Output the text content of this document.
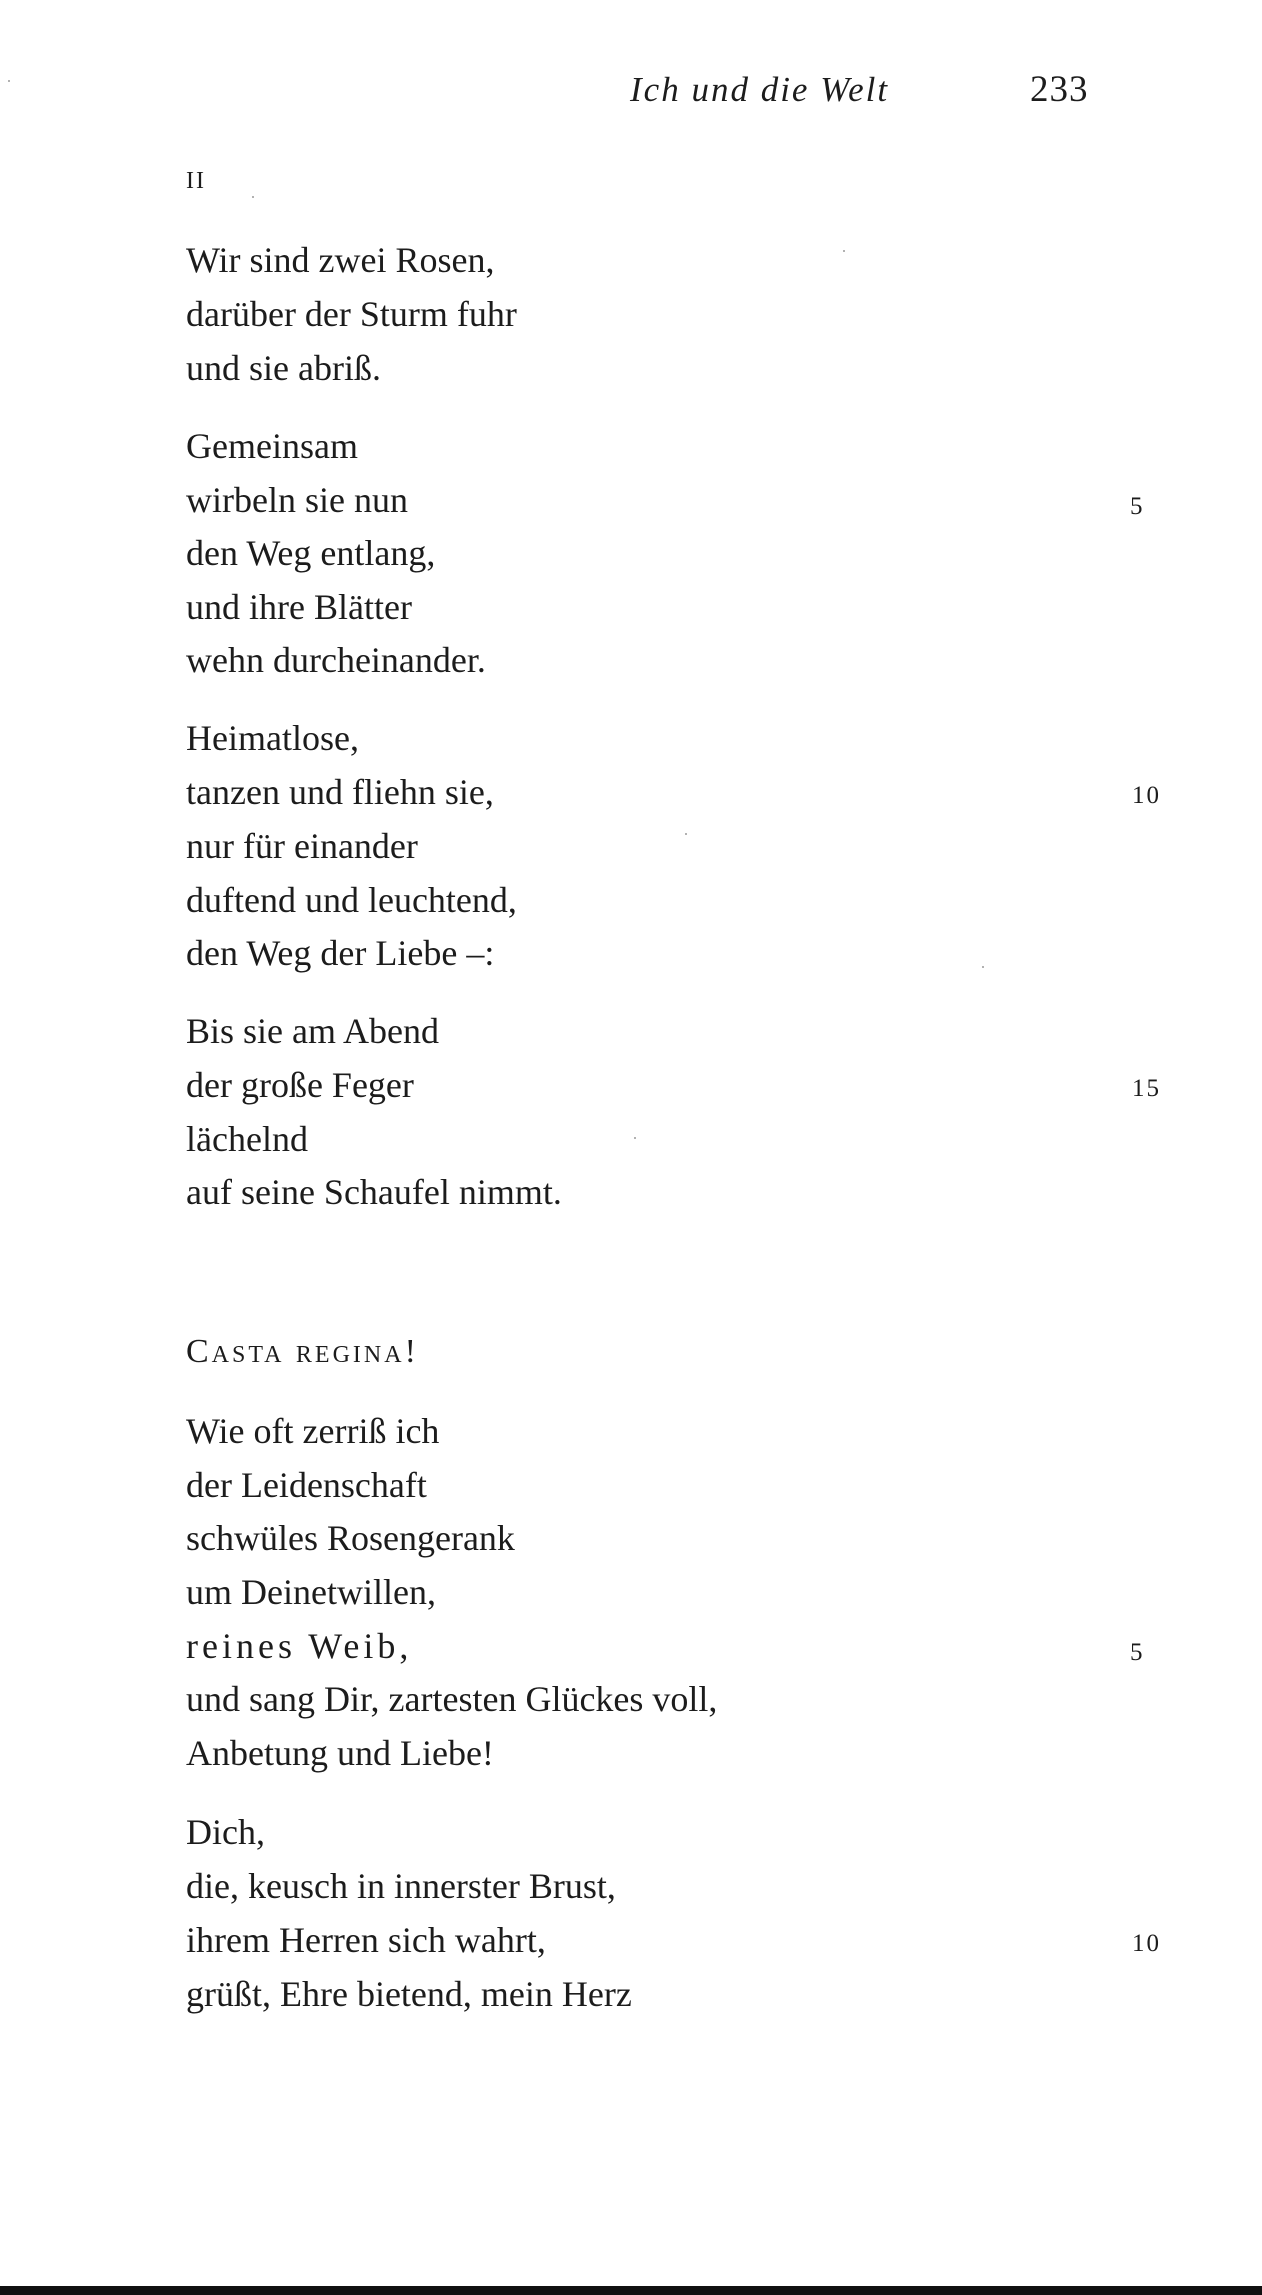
Ich und die Welt	233
II
Wir sind zwei Rosen,
darüber der Sturm fuhr
und sie abriß.
Gemeinsam
wirbeln sie nun
den Weg entlang,
und ihre Blätter
wehn durcheinander.
Heimatlose,
tanzen und fliehn sie,
nur für einander
duftend und leuchtend,
den Weg der Liebe –:
Bis sie am Abend
der große Feger
lächelnd
auf seine Schaufel nimmt.
5
10
15
Casta regina!
Wie oft zerriß ich
der Leidenschaft
schwüles Rosengerank
um Deinetwillen,
reines Weib,
und sang Dir, zartesten Glückes voll,
Anbetung und Liebe!
Dich,
die, keusch in innerster Brust,
ihrem Herren sich wahrt,
grüßt, Ehre bietend, mein Herz
5
10
